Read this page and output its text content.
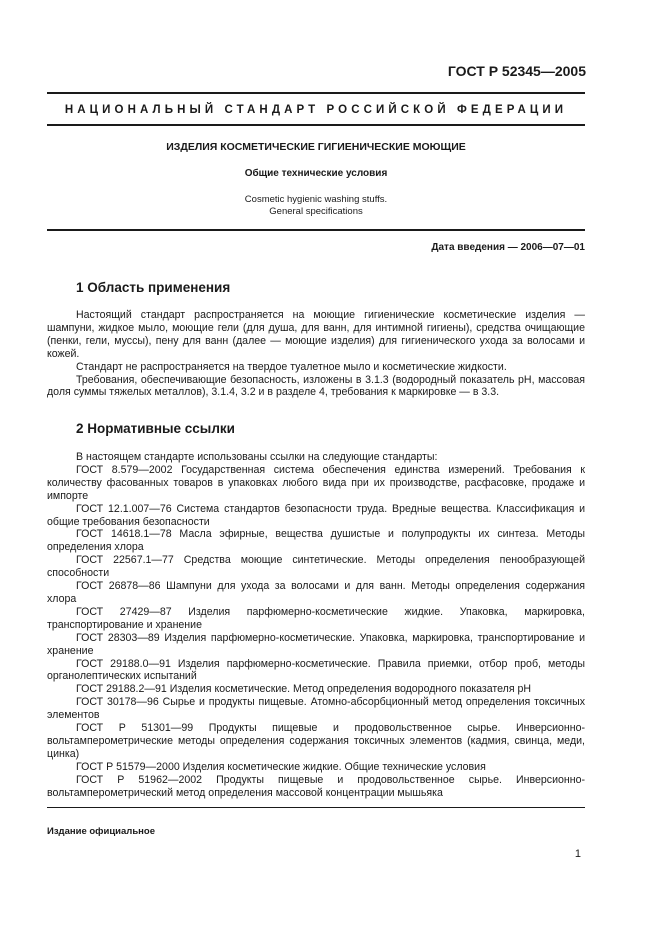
ГОСТ Р 52345—2005
НАЦИОНАЛЬНЫЙ СТАНДАРТ РОССИЙСКОЙ ФЕДЕРАЦИИ
ИЗДЕЛИЯ КОСМЕТИЧЕСКИЕ ГИГИЕНИЧЕСКИЕ МОЮЩИЕ
Общие технические условия
Cosmetic hygienic washing stuffs.
General specifications
Дата введения — 2006—07—01
1 Область применения

Настоящий стандарт распространяется на моющие гигиенические косметические изделия — шампуни, жидкое мыло, моющие гели (для душа, для ванн, для интимной гигиены), средства очищающие (пенки, гели, муссы), пену для ванн (далее — моющие изделия) для гигиенического ухода за волосами и кожей.

Стандарт не распространяется на твердое туалетное мыло и косметические жидкости.

Требования, обеспечивающие безопасность, изложены в 3.1.3 (водородный показатель pH, массовая доля суммы тяжелых металлов), 3.1.4, 3.2 и в разделе 4, требования к маркировке — в 3.3.

2 Нормативные ссылки

В настоящем стандарте использованы ссылки на следующие стандарты:

ГОСТ 8.579—2002 Государственная система обеспечения единства измерений. Требования к количеству фасованных товаров в упаковках любого вида при их производстве, расфасовке, продаже и импорте

ГОСТ 12.1.007—76 Система стандартов безопасности труда. Вредные вещества. Классификация и общие требования безопасности

ГОСТ 14618.1—78 Масла эфирные, вещества душистые и полупродукты их синтеза. Методы определения хлора

ГОСТ 22567.1—77 Средства моющие синтетические. Методы определения пенообразующей способности

ГОСТ 26878—86 Шампуни для ухода за волосами и для ванн. Методы определения содержания хлора

ГОСТ 27429—87 Изделия парфюмерно-косметические жидкие. Упаковка, маркировка, транспортирование и хранение

ГОСТ 28303—89 Изделия парфюмерно-косметические. Упаковка, маркировка, транспортирование и хранение

ГОСТ 29188.0—91 Изделия парфюмерно-косметические. Правила приемки, отбор проб, методы органолептических испытаний

ГОСТ 29188.2—91 Изделия косметические. Метод определения водородного показателя pH

ГОСТ 30178—96 Сырье и продукты пищевые. Атомно-абсорбционный метод определения токсичных элементов

ГОСТ Р 51301—99 Продукты пищевые и продовольственное сырье. Инверсионно-вольтамперометрические методы определения содержания токсичных элементов (кадмия, свинца, меди, цинка)

ГОСТ Р 51579—2000 Изделия косметические жидкие. Общие технические условия

ГОСТ Р 51962—2002 Продукты пищевые и продовольственное сырье. Инверсионно-вольтамперометрический метод определения массовой концентрации мышьяка

Издание официальное
1
